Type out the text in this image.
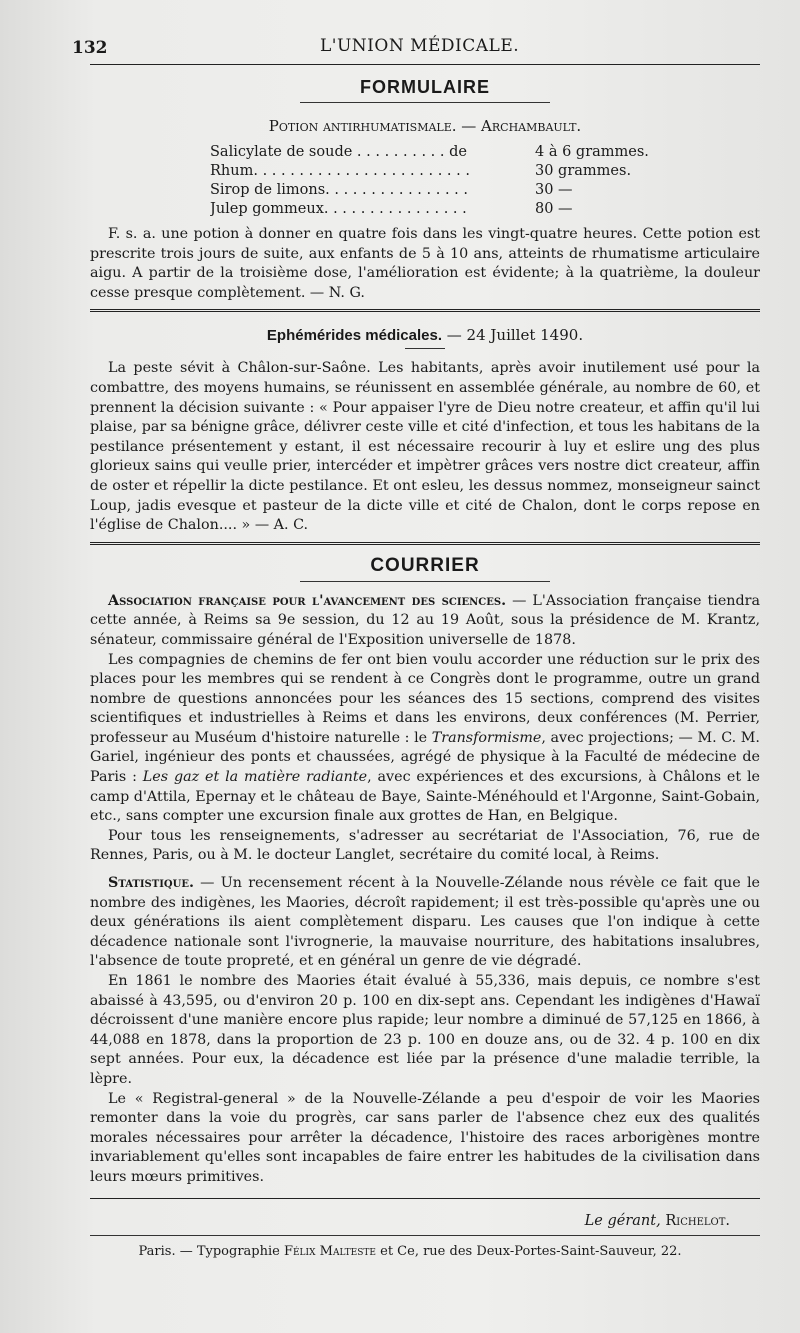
132	L'UNION MÉDICALE.
FORMULAIRE
Potion antirhumatismale. — Archambault.
Salicylate de soude . . . . . . . . . . de	4 à 6 grammes.
Rhum. . . . . . . . . . . . . . . . . . . . . . . .	30 grammes.
Sirop de limons. . . . . . . . . . . . . . . .	30 —
Julep gommeux. . . . . . . . . . . . . . . .	80 —

F. s. a. une potion à donner en quatre fois dans les vingt-quatre heures. Cette potion est prescrite trois jours de suite, aux enfants de 5 à 10 ans, atteints de rhumatisme articulaire aigu. A partir de la troisième dose, l'amélioration est évidente; à la quatrième, la douleur cesse presque complètement. — N. G.

Ephémérides médicales. — 24 Juillet 1490.

La peste sévit à Châlon-sur-Saône. Les habitants, après avoir inutilement usé pour la combattre, des moyens humains, se réunissent en assemblée générale, au nombre de 60, et prennent la décision suivante : « Pour appaiser l'yre de Dieu notre createur, et affin qu'il lui plaise, par sa bénigne grâce, délivrer ceste ville et cité d'infection, et tous les habitans de la pestilance présentement y estant, il est nécessaire recourir à luy et eslire ung des plus glorieux sains qui veulle prier, intercéder et impètrer grâces vers nostre dict createur, affin de oster et répellir la dicte pestilance. Et ont esleu, les dessus nommez, monseigneur sainct Loup, jadis evesque et pasteur de la dicte ville et cité de Chalon, dont le corps repose en l'église de Chalon.... » — A. C.

COURRIER

Association française pour l'avancement des sciences. — L'Association française tiendra cette année, à Reims sa 9e session, du 12 au 19 Août, sous la présidence de M. Krantz, sénateur, commissaire général de l'Exposition universelle de 1878.

Les compagnies de chemins de fer ont bien voulu accorder une réduction sur le prix des places pour les membres qui se rendent à ce Congrès dont le programme, outre un grand nombre de questions annoncées pour les séances des 15 sections, comprend des visites scientifiques et industrielles à Reims et dans les environs, deux conférences (M. Perrier, professeur au Muséum d'histoire naturelle : le Transformisme, avec projections; — M. C. M. Gariel, ingénieur des ponts et chaussées, agrégé de physique à la Faculté de médecine de Paris : Les gaz et la matière radiante, avec expériences et des excursions, à Châlons et le camp d'Attila, Epernay et le château de Baye, Sainte-Ménéhould et l'Argonne, Saint-Gobain, etc., sans compter une excursion finale aux grottes de Han, en Belgique.

Pour tous les renseignements, s'adresser au secrétariat de l'Association, 76, rue de Rennes, Paris, ou à M. le docteur Langlet, secrétaire du comité local, à Reims.

Statistique. — Un recensement récent à la Nouvelle-Zélande nous révèle ce fait que le nombre des indigènes, les Maories, décroît rapidement; il est très-possible qu'après une ou deux générations ils aient complètement disparu. Les causes que l'on indique à cette décadence nationale sont l'ivrognerie, la mauvaise nourriture, des habitations insalubres, l'absence de toute propreté, et en général un genre de vie dégradé.

En 1861 le nombre des Maories était évalué à 55,336, mais depuis, ce nombre s'est abaissé à 43,595, ou d'environ 20 p. 100 en dix-sept ans. Cependant les indigènes d'Hawaï décroissent d'une manière encore plus rapide; leur nombre a diminué de 57,125 en 1866, à 44,088 en 1878, dans la proportion de 23 p. 100 en douze ans, ou de 32. 4 p. 100 en dix sept années. Pour eux, la décadence est liée par la présence d'une maladie terrible, la lèpre.

Le « Registral-general » de la Nouvelle-Zélande a peu d'espoir de voir les Maories remonter dans la voie du progrès, car sans parler de l'absence chez eux des qualités morales nécessaires pour arrêter la décadence, l'histoire des races arborigènes montre invariablement qu'elles sont incapables de faire entrer les habitudes de la civilisation dans leurs mœurs primitives.

Le gérant, Richelot.
Paris. — Typographie Félix Malteste et Ce, rue des Deux-Portes-Saint-Sauveur, 22.
